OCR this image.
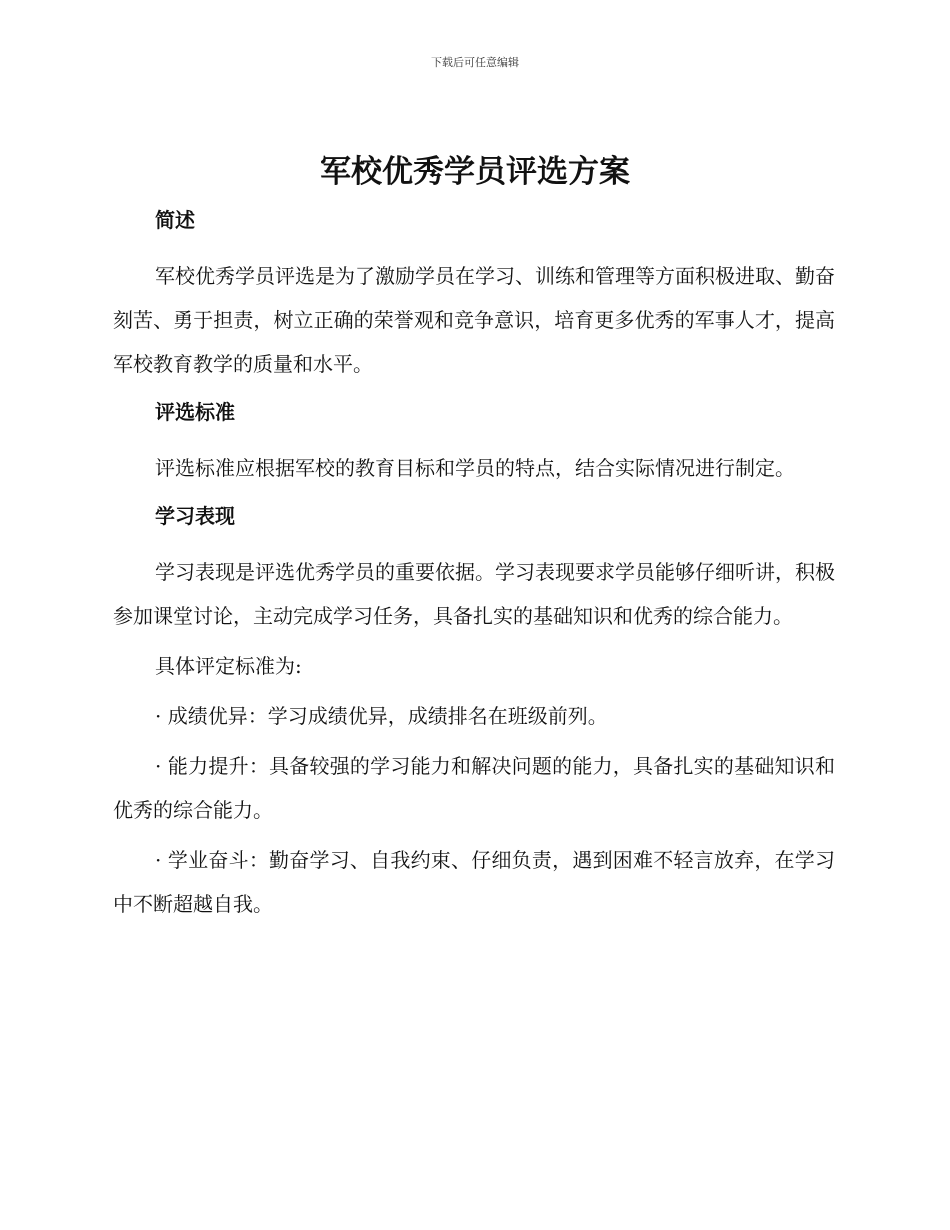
下载后可任意编辑
军校优秀学员评选方案
简述

军校优秀学员评选是为了激励学员在学习、训练和管理等方面积极进取、勤奋刻苦、勇于担责，树立正确的荣誉观和竞争意识，培育更多优秀的军事人才，提高军校教育教学的质量和水平。

评选标准

评选标准应根据军校的教育目标和学员的特点，结合实际情况进行制定。

学习表现

学习表现是评选优秀学员的重要依据。学习表现要求学员能够仔细听讲，积极参加课堂讨论，主动完成学习任务，具备扎实的基础知识和优秀的综合能力。

具体评定标准为:

· 成绩优异：学习成绩优异，成绩排名在班级前列。

· 能力提升：具备较强的学习能力和解决问题的能力，具备扎实的基础知识和优秀的综合能力。

· 学业奋斗：勤奋学习、自我约束、仔细负责，遇到困难不轻言放弃，在学习中不断超越自我。
